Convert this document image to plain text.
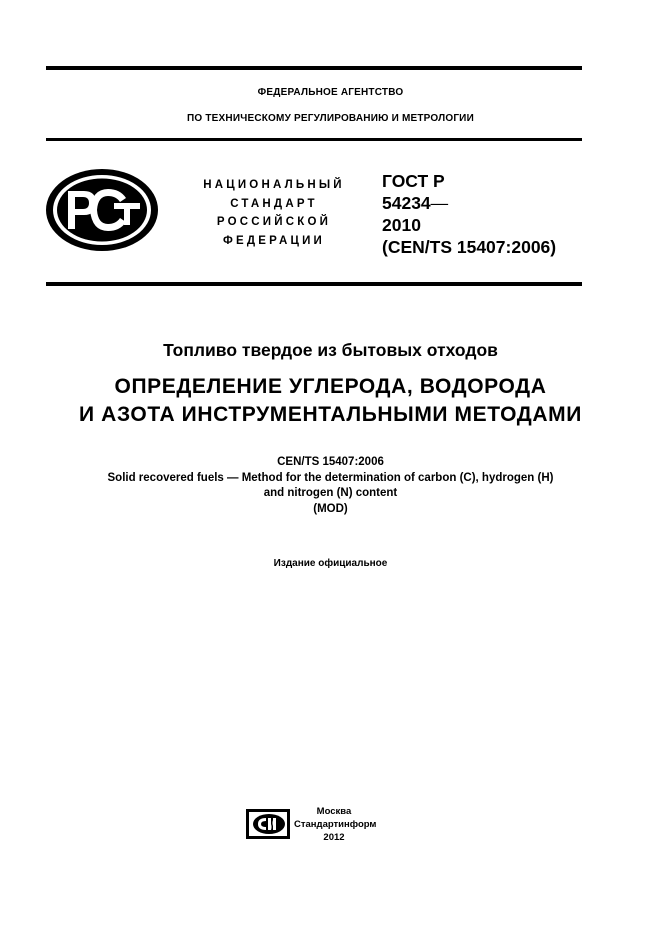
ФЕДЕРАЛЬНОЕ АГЕНТСТВО
ПО ТЕХНИЧЕСКОМУ РЕГУЛИРОВАНИЮ И МЕТРОЛОГИИ
НАЦИОНАЛЬНЫЙ
СТАНДАРТ
РОССИЙСКОЙ
ФЕДЕРАЦИИ
ГОСТ Р
54234—
2010
(CEN/TS 15407:2006)
Топливо твердое из бытовых отходов
ОПРЕДЕЛЕНИЕ УГЛЕРОДА, ВОДОРОДА
И АЗОТА ИНСТРУМЕНТАЛЬНЫМИ МЕТОДАМИ
CEN/TS 15407:2006
Solid recovered fuels — Method for the determination of carbon (C), hydrogen (H)
and nitrogen (N) content
(MOD)
Издание официальное
Москва
Стандартинформ
2012
